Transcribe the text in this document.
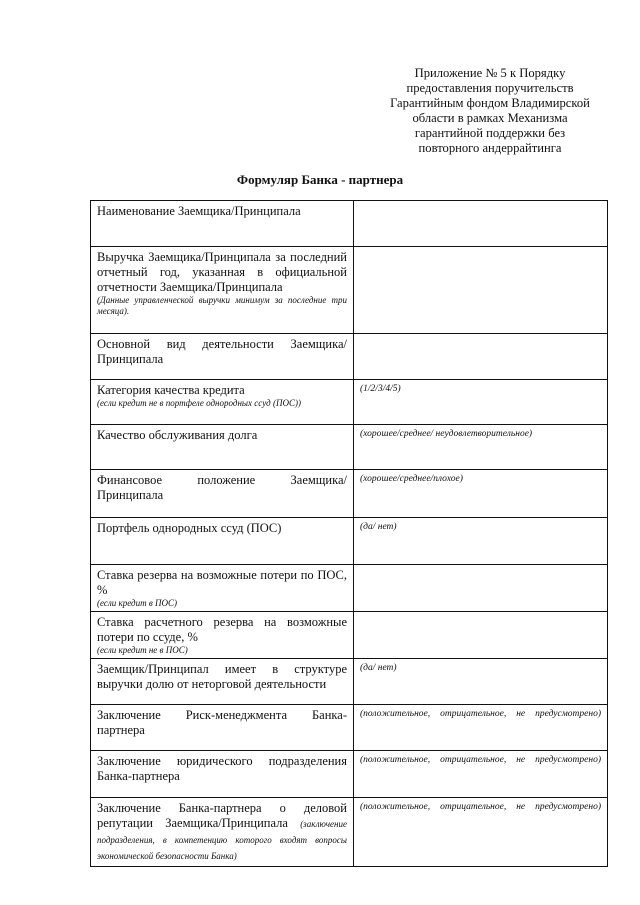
Приложение № 5 к Порядку
предоставления поручительств
Гарантийным фондом Владимирской
области в рамках Механизма
гарантийной поддержки без
повторного андеррайтинга
Формуляр Банка - партнера
Наименование Заемщика/Принципала	

Выручка Заемщика/Принципала за последний отчетный год, указанная в официальной отчетности Заемщика/Принципала
(Данные управленческой выручки минимум за последние три месяца).	

Основной вид деятельности Заемщика/Принципала	

Категория качества кредита
(если кредит не в портфеле однородных ссуд (ПОС))	(1/2/3/4/5)

Качество обслуживания долга	(хорошее/среднее/ неудовлетворительное)

Финансовое положение Заемщика/Принципала	(хорошее/среднее/плохое)

Портфель однородных ссуд (ПОС)	(да/ нет)

Ставка резерва на возможные потери по ПОС, %
(если кредит в ПОС)	

Ставка расчетного резерва на возможные потери по ссуде, %
(если кредит не в ПОС)	

Заемщик/Принципал имеет в структуре выручки долю от неторговой деятельности	(да/ нет)

Заключение Риск-менеджмента Банка-партнера	(положительное, отрицательное, не предусмотрено)

Заключение юридического подразделения Банка-партнера	(положительное, отрицательное, не предусмотрено)

Заключение Банка-партнера о деловой репутации Заемщика/Принципала (заключение подразделения, в компетенцию которого входят вопросы экономической безопасности Банка)	(положительное, отрицательное, не предусмотрено)
